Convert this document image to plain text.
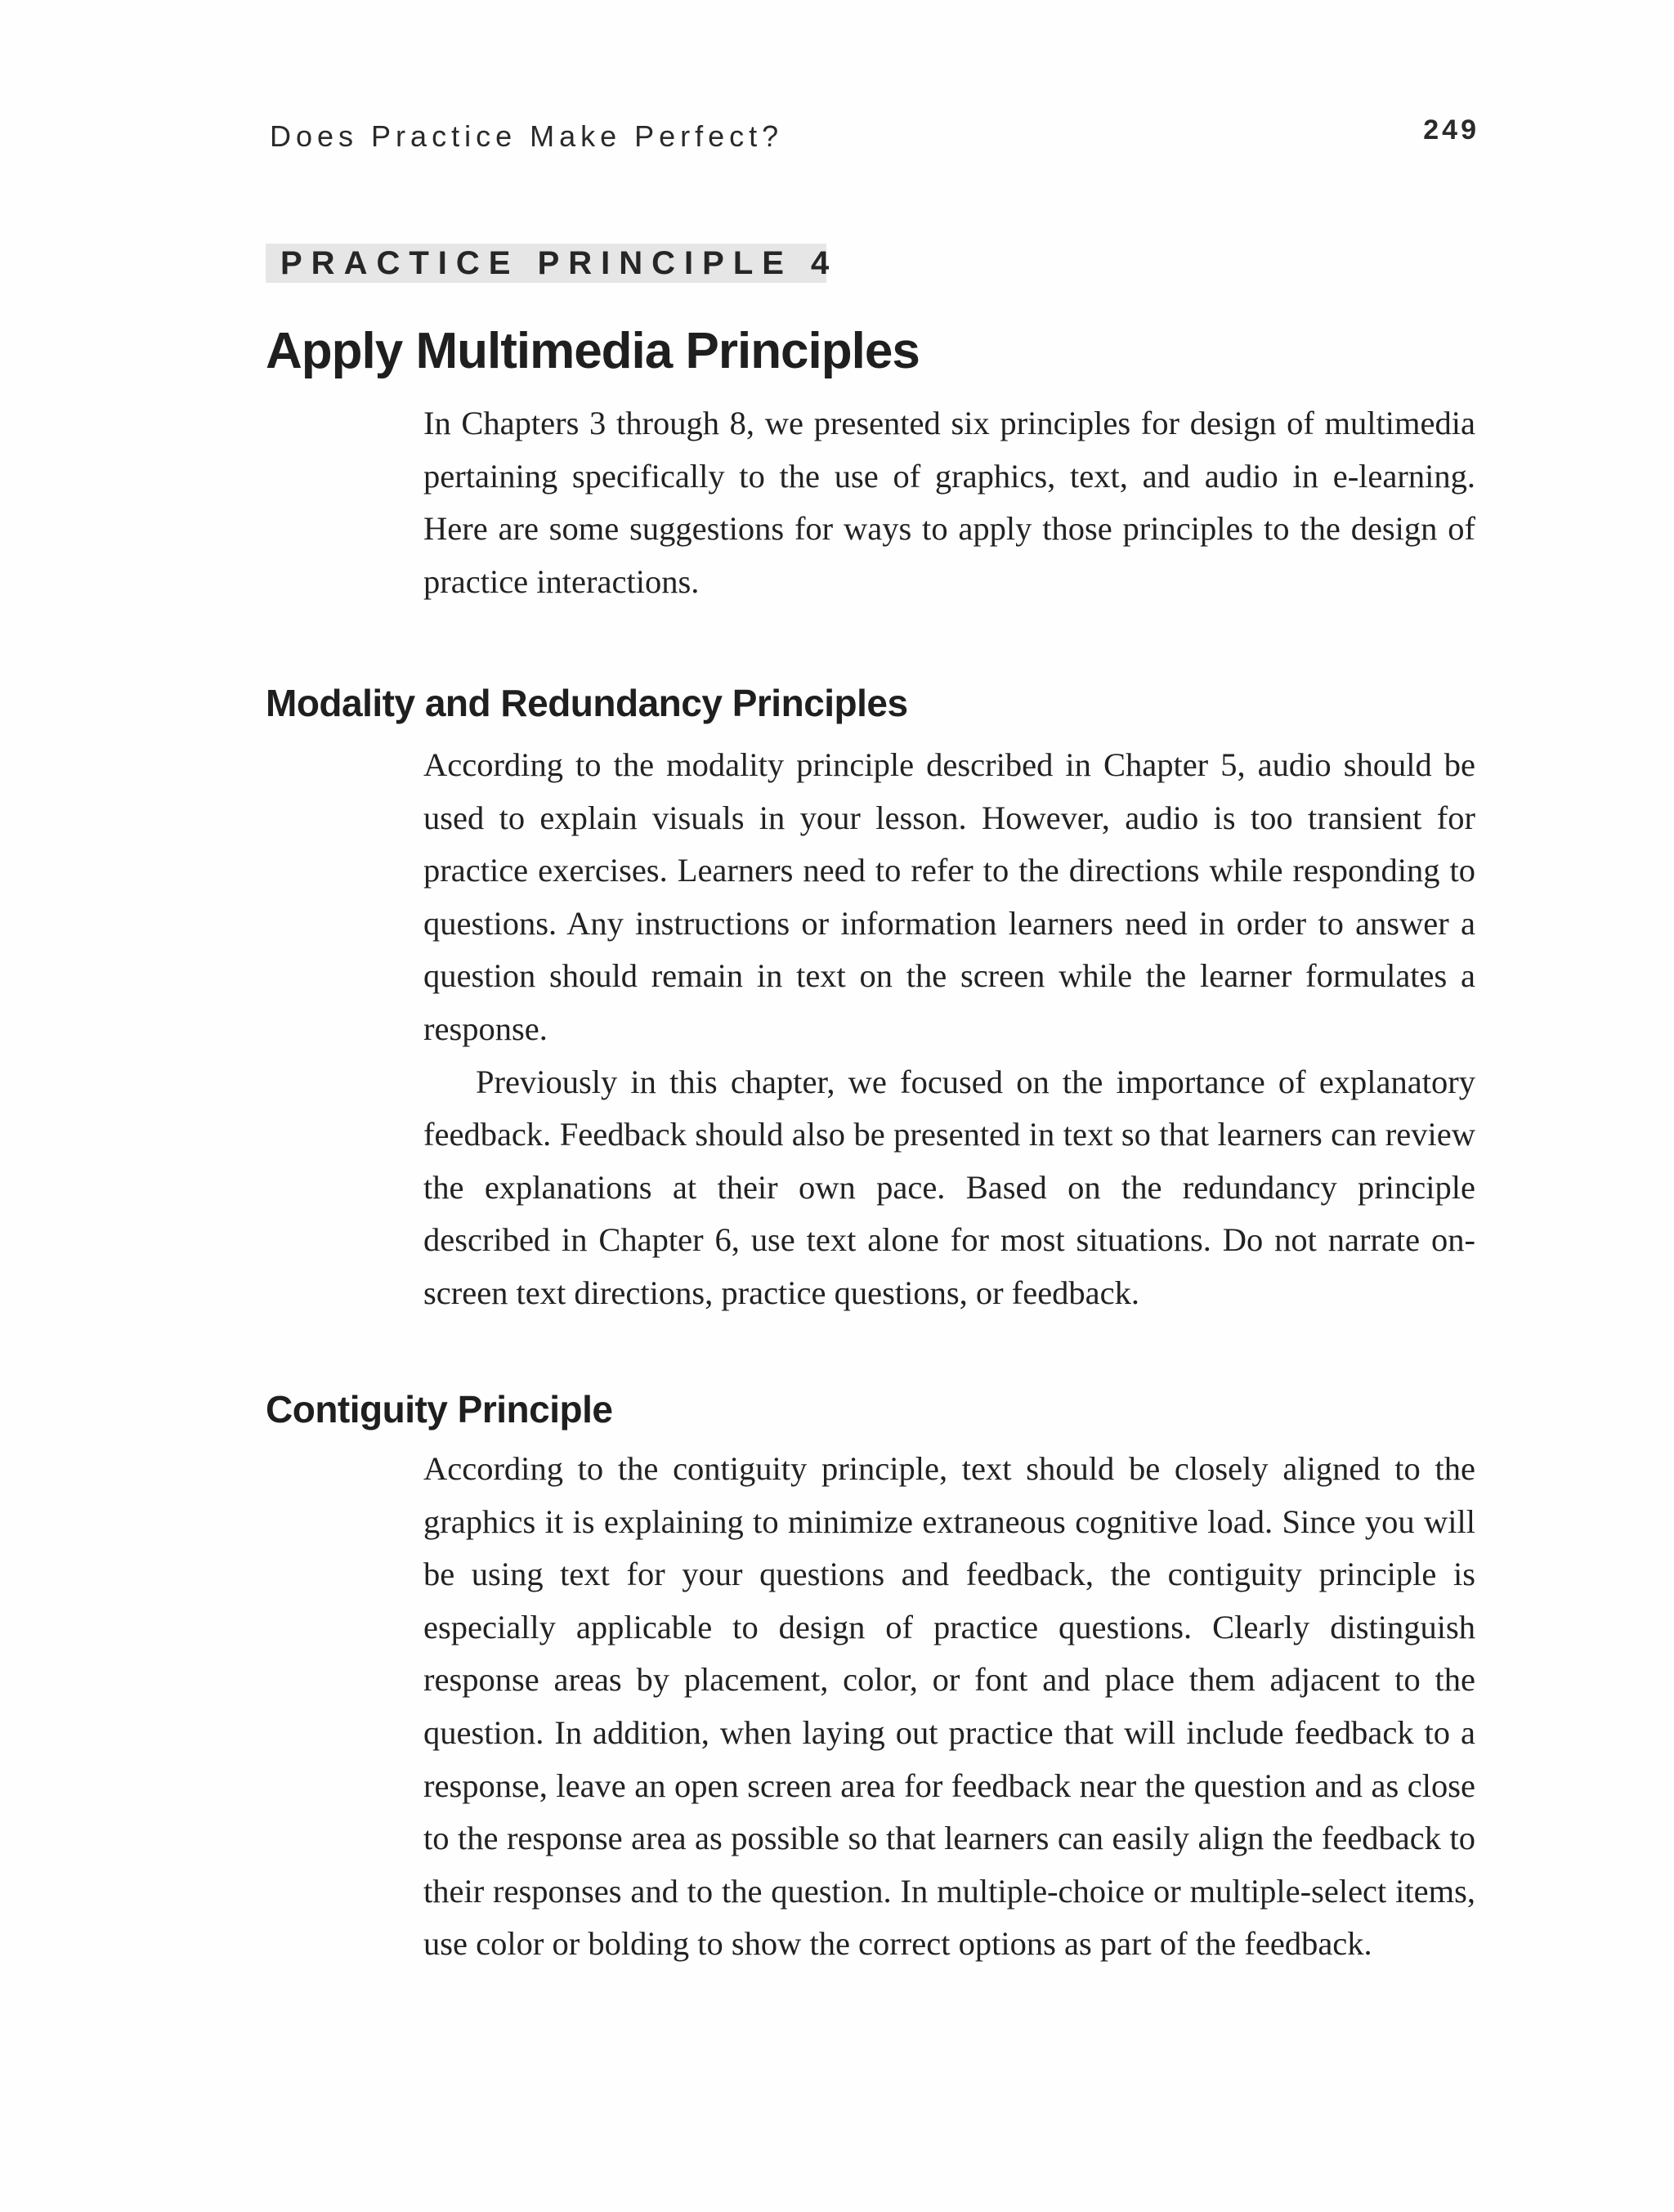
Does Practice Make Perfect?	249
PRACTICE PRINCIPLE 4
Apply Multimedia Principles

In Chapters 3 through 8, we presented six principles for design of multimedia pertaining specifically to the use of graphics, text, and audio in e-learning. Here are some suggestions for ways to apply those principles to the design of practice interactions.

Modality and Redundancy Principles

According to the modality principle described in Chapter 5, audio should be used to explain visuals in your lesson. However, audio is too transient for practice exercises. Learners need to refer to the directions while responding to questions. Any instructions or information learners need in order to answer a question should remain in text on the screen while the learner formulates a response.

Previously in this chapter, we focused on the importance of explanatory feedback. Feedback should also be presented in text so that learners can review the explanations at their own pace. Based on the redundancy principle described in Chapter 6, use text alone for most situations. Do not narrate on-screen text directions, practice questions, or feedback.

Contiguity Principle

According to the contiguity principle, text should be closely aligned to the graphics it is explaining to minimize extraneous cognitive load. Since you will be using text for your questions and feedback, the contiguity principle is especially applicable to design of practice questions. Clearly distinguish response areas by placement, color, or font and place them adjacent to the question. In addition, when laying out practice that will include feedback to a response, leave an open screen area for feedback near the question and as close to the response area as possible so that learners can easily align the feedback to their responses and to the question. In multiple-choice or multiple-select items, use color or bolding to show the correct options as part of the feedback.
